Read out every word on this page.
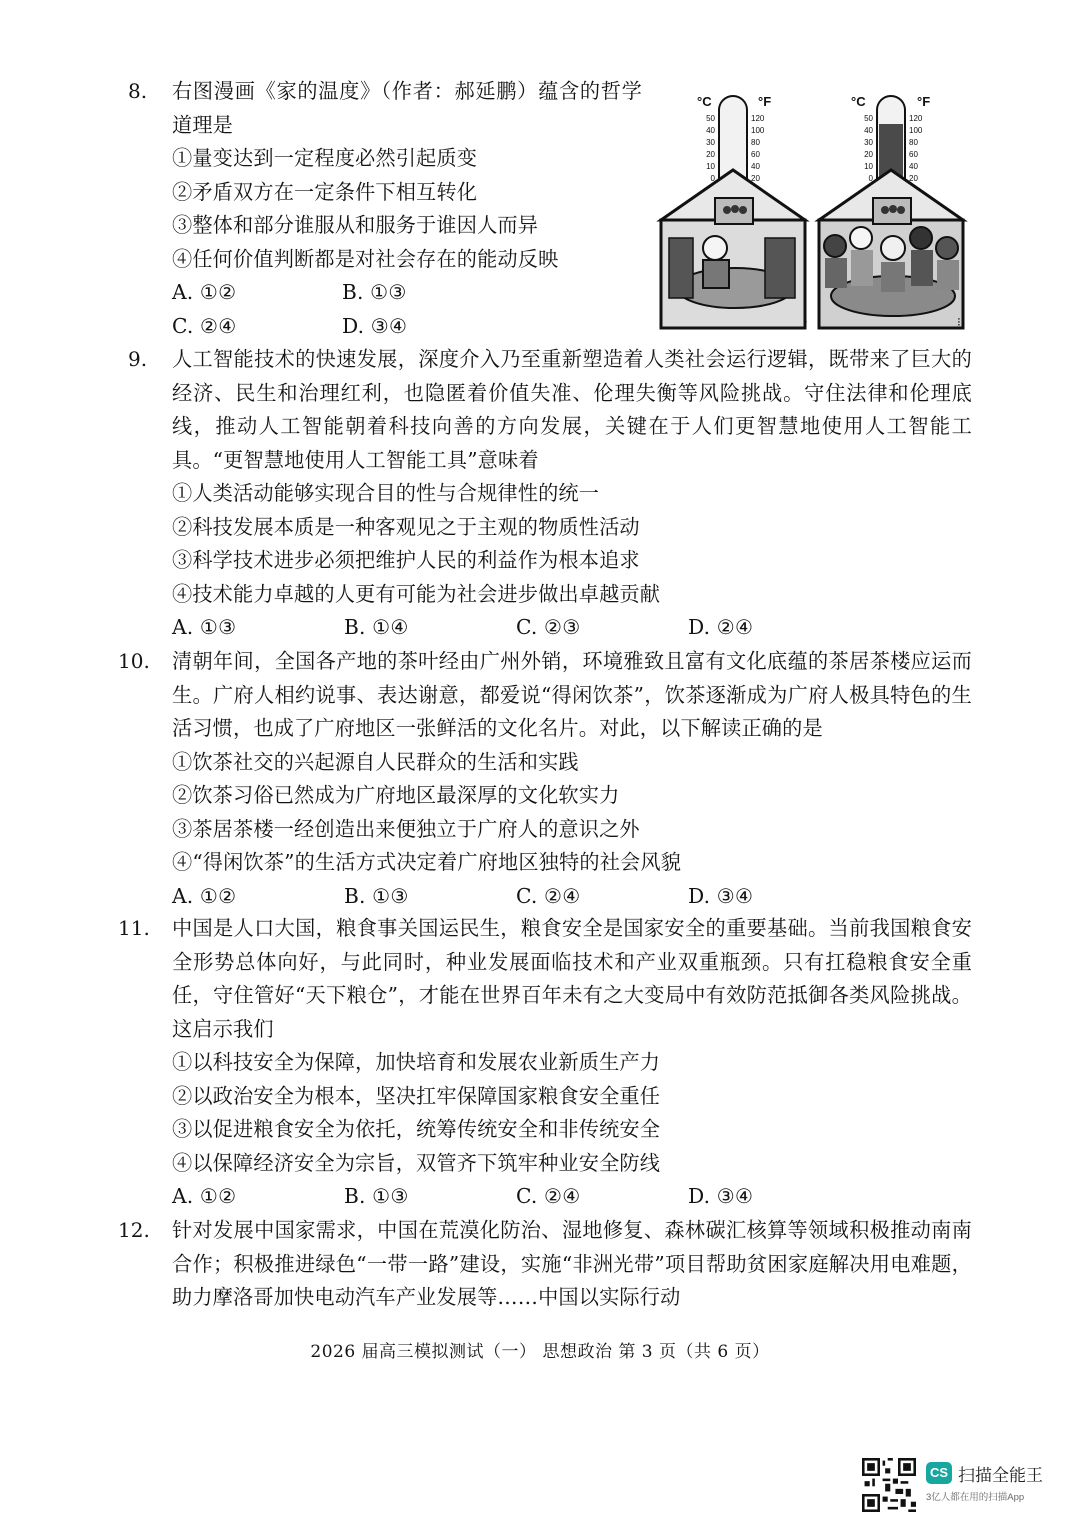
8. 右图漫画《家的温度》（作者：郝延鹏）蕴含的哲学道理是
①量变达到一定程度必然引起质变
②矛盾双方在一定条件下相互转化
③整体和部分谁服从和服务于谁因人而异
④任何价值判断都是对社会存在的能动反映
A. ①②	B. ①③
C. ②④	D. ③④
°C	°F
50
40
30
20
10
0
120
100
80
60
40
20
•
°C	°F
50
40
30
20
10
0
120
100
80
60
40
20
⁝
9. 人工智能技术的快速发展，深度介入乃至重新塑造着人类社会运行逻辑，既带来了巨大的经济、民生和治理红利，也隐匿着价值失准、伦理失衡等风险挑战。守住法律和伦理底线，推动人工智能朝着科技向善的方向发展，关键在于人们更智慧地使用人工智能工具。“更智慧地使用人工智能工具”意味着
①人类活动能够实现合目的性与合规律性的统一
②科技发展本质是一种客观见之于主观的物质性活动
③科学技术进步必须把维护人民的利益作为根本追求
④技术能力卓越的人更有可能为社会进步做出卓越贡献
A. ①③	B. ①④	C. ②③	D. ②④
10. 清朝年间，全国各产地的茶叶经由广州外销，环境雅致且富有文化底蕴的茶居茶楼应运而生。广府人相约说事、表达谢意，都爱说“得闲饮茶”，饮茶逐渐成为广府人极具特色的生活习惯，也成了广府地区一张鲜活的文化名片。对此，以下解读正确的是
①饮茶社交的兴起源自人民群众的生活和实践
②饮茶习俗已然成为广府地区最深厚的文化软实力
③茶居茶楼一经创造出来便独立于广府人的意识之外
④“得闲饮茶”的生活方式决定着广府地区独特的社会风貌
A. ①②	B. ①③	C. ②④	D. ③④
11. 中国是人口大国，粮食事关国运民生，粮食安全是国家安全的重要基础。当前我国粮食安全形势总体向好，与此同时，种业发展面临技术和产业双重瓶颈。只有扛稳粮食安全重任，守住管好“天下粮仓”，才能在世界百年未有之大变局中有效防范抵御各类风险挑战。这启示我们
①以科技安全为保障，加快培育和发展农业新质生产力
②以政治安全为根本，坚决扛牢保障国家粮食安全重任
③以促进粮食安全为依托，统筹传统安全和非传统安全
④以保障经济安全为宗旨，双管齐下筑牢种业安全防线
A. ①②	B. ①③	C. ②④	D. ③④
12. 针对发展中国家需求，中国在荒漠化防治、湿地修复、森林碳汇核算等领域积极推动南南合作；积极推进绿色“一带一路”建设，实施“非洲光带”项目帮助贫困家庭解决用电难题，助力摩洛哥加快电动汽车产业发展等……中国以实际行动
2026 届高三模拟测试（一） 思想政治 第 3 页（共 6 页）
CS 扫描全能王
3亿人都在用的扫描App
